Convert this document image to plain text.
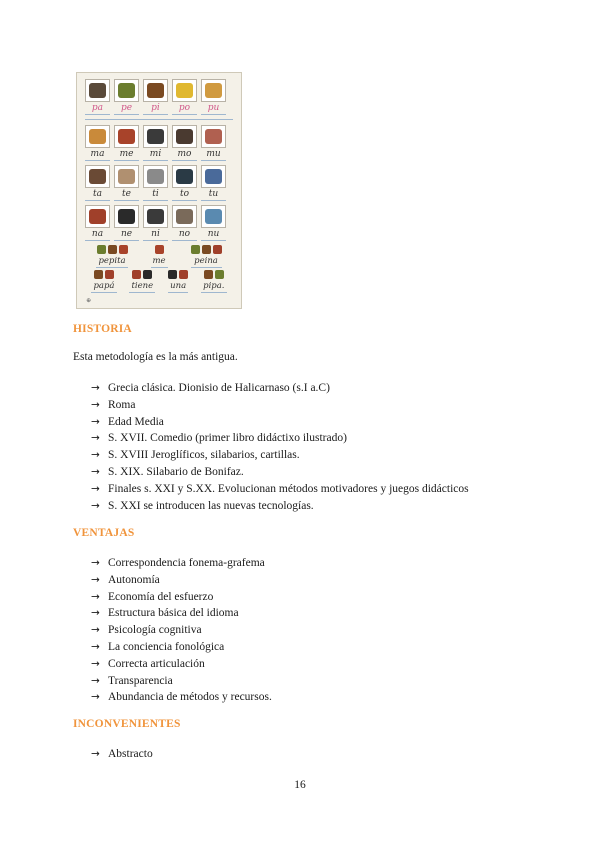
pa	pe	pi	po	pu
ma	me	mi	mo	mu
ta	te	ti	to	tu
na	ne	ni	no	nu
pepita	me	peina
papá tiene una pipa.
⊕
HISTORIA
Esta metodología es la más antigua.
→ Grecia clásica. Dionisio de Halicarnaso (s.I a.C)
→ Roma
→ Edad Media
→ S. XVII. Comedio (primer libro didáctixo ilustrado)
→ S. XVIII Jeroglíficos, silabarios, cartillas.
→ S. XIX. Silabario de Bonifaz.
→ Finales s. XXI y S.XX. Evolucionan métodos motivadores y juegos didácticos
→ S. XXI se introducen las nuevas tecnologías.
VENTAJAS
→ Correspondencia fonema-grafema
→ Autonomía
→ Economía del esfuerzo
→ Estructura básica del idioma
→ Psicología cognitiva
→ La conciencia fonológica
→ Correcta articulación
→ Transparencia
→ Abundancia de métodos y recursos.
INCONVENIENTES
→ Abstracto
16
